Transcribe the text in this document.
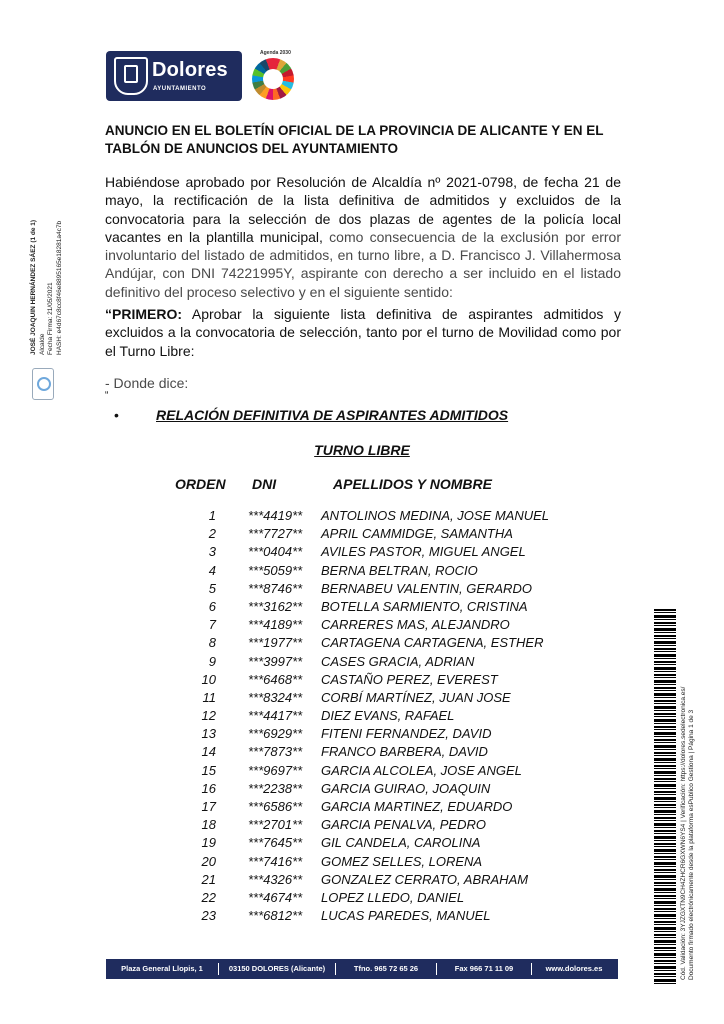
Dolores
AYUNTAMIENTO
Agenda 2030
ANUNCIO EN EL BOLETÍN OFICIAL DE LA PROVINCIA DE ALICANTE Y EN EL TABLÓN DE ANUNCIOS DEL AYUNTAMIENTO
Habiéndose aprobado por Resolución de Alcaldía nº 2021-0798, de fecha 21 de mayo, la rectificación de la lista definitiva de admitidos y excluidos de la convocatoria para la selección de dos plazas de agentes de la policía local vacantes en la plantilla municipal, como consecuencia de la exclusión por error involuntario del listado de admitidos, en turno libre, a D. Francisco J. Villahermosa Andújar, con DNI 74221995Y, aspirante con derecho a ser incluido en el listado definitivo del proceso selectivo y en el siguiente sentido:
“PRIMERO: Aprobar la siguiente lista definitiva de aspirantes admitidos y excluidos a la convocatoria de selección, tanto por el turno de Movilidad como por el Turno Libre:
- Donde dice:
“
•	RELACIÓN DEFINITIVA DE ASPIRANTES ADMITIDOS
TURNO LIBRE
ORDEN DNI	APELLIDOS Y NOMBRE
1 ***4419** ANTOLINOS MEDINA, JOSE MANUEL
2 ***7727** APRIL CAMMIDGE, SAMANTHA
3 ***0404** AVILES PASTOR, MIGUEL ANGEL
4 ***5059** BERNA BELTRAN, ROCIO
5 ***8746** BERNABEU VALENTIN, GERARDO
6 ***3162** BOTELLA SARMIENTO, CRISTINA
7 ***4189** CARRERES MAS, ALEJANDRO
8 ***1977** CARTAGENA CARTAGENA, ESTHER
9 ***3997** CASES GRACIA, ADRIAN
10 ***6468** CASTAÑO PEREZ, EVEREST
11 ***8324** CORBÍ MARTÍNEZ, JUAN JOSE
12 ***4417** DIEZ EVANS, RAFAEL
13 ***6929** FITENI FERNANDEZ, DAVID
14 ***7873** FRANCO BARBERA, DAVID
15 ***9697** GARCIA ALCOLEA, JOSE ANGEL
16 ***2238** GARCIA GUIRAO, JOAQUIN
17 ***6586** GARCIA MARTINEZ, EDUARDO
18 ***2701** GARCIA PENALVA, PEDRO
19 ***7645** GIL CANDELA, CAROLINA
20 ***7416** GOMEZ SELLES, LORENA
21 ***4326** GONZALEZ CERRATO, ABRAHAM
22 ***4674** LOPEZ LLEDO, DANIEL
23 ***6812** LUCAS PAREDES, MANUEL
Plaza General Llopis, 1	03150 DOLORES (Alicante)	Tfno. 965 72 65 26	Fax 966 71 11 09	www.dolores.es
JOSÉ JOAQUIN HERNÁNDEZ SÁEZ (1 de 1) Alcalde Fecha Firma: 21/05/2021 HASH: e4d67c8cc8f46e8895165e18281a4c7b
Cód. Validación: 3YJZGXTN9CH4ZHCR6GXWN6YS4 | Verificación: https://dolores.sedelectronica.es/
Documento firmado electrónicamente desde la plataforma esPublico Gestiona | Página 1 de 3
